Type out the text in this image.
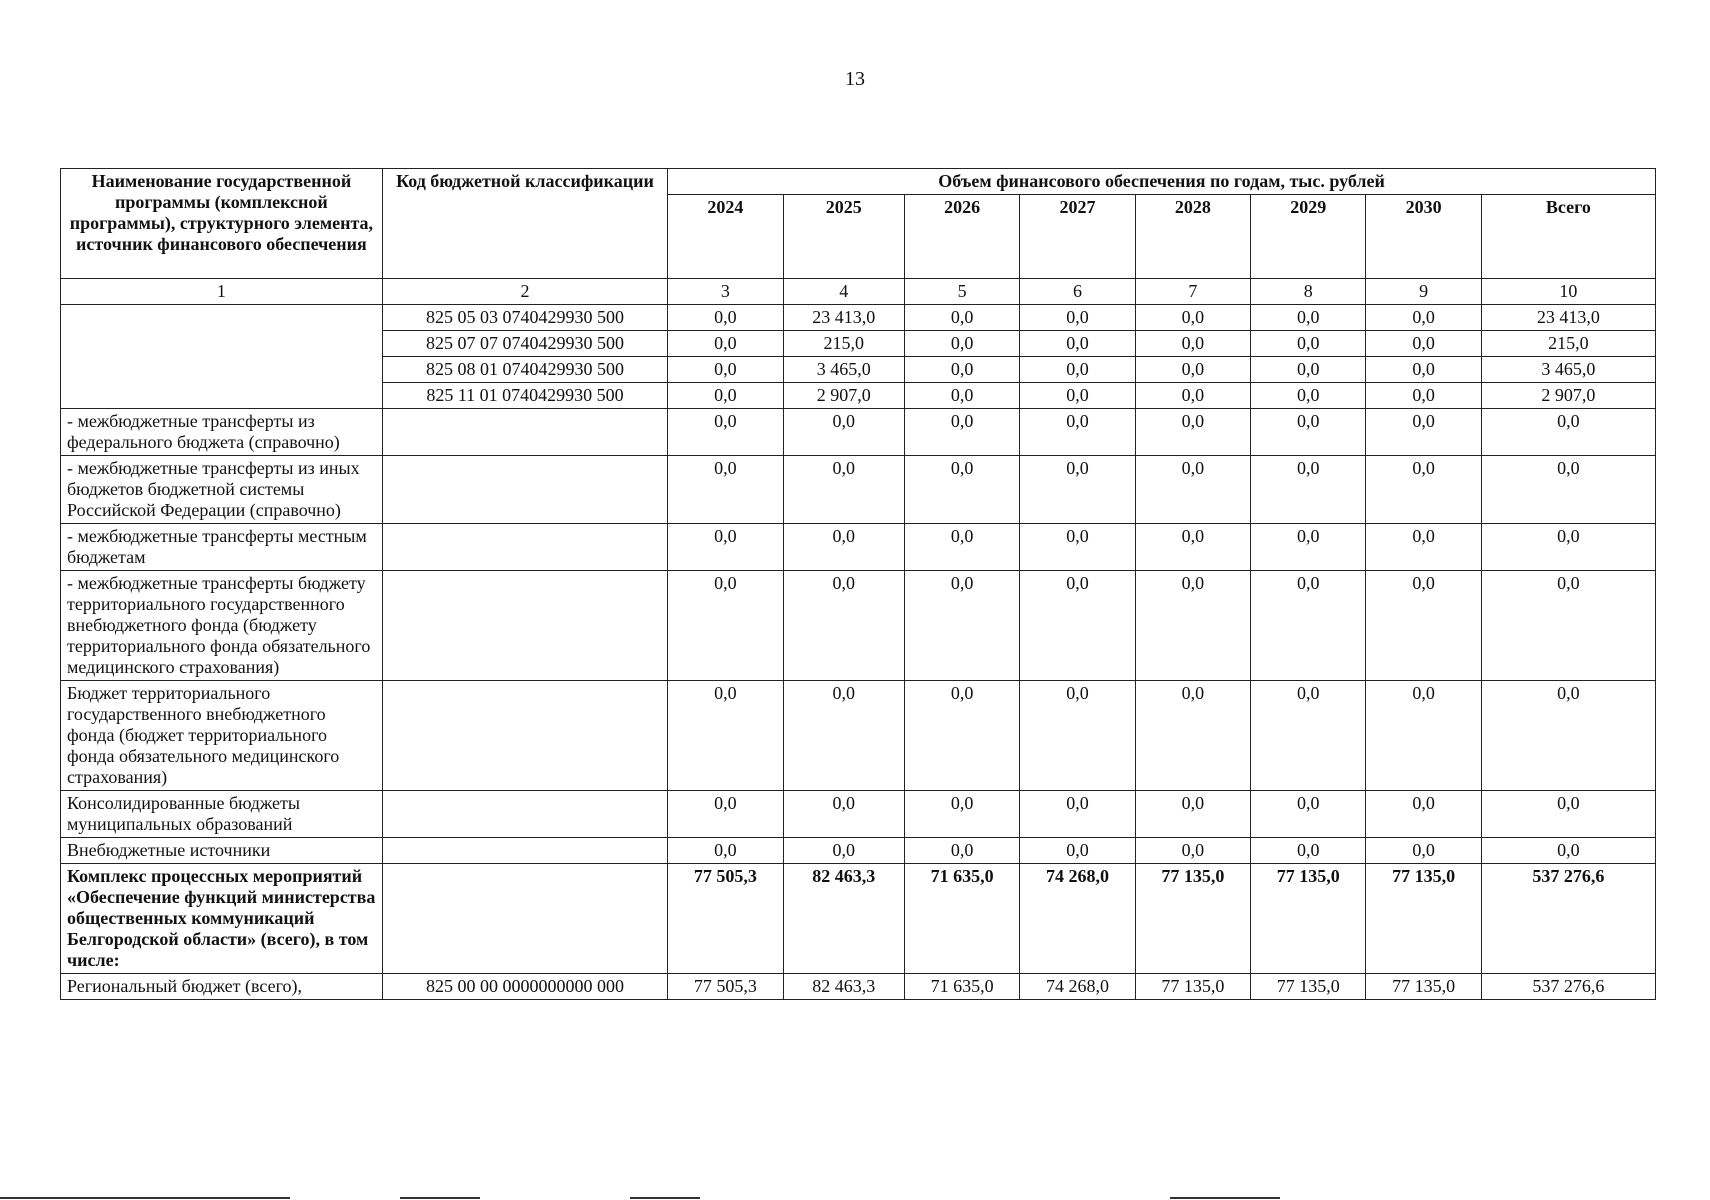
13
Наименование государственной программы (комплексной программы), структурного элемента, источник финансового обеспечения	Код бюджетной классификации	Объем финансового обеспечения по годам, тыс. рублей							
		2024	2025	2026	2027	2028	2029	2030	Всего
1	2	3	4	5	6	7	8	9	10
	825 05 03 0740429930 500	0,0	23 413,0	0,0	0,0	0,0	0,0	0,0	23 413,0
	825 07 07 0740429930 500	0,0	215,0	0,0	0,0	0,0	0,0	0,0	215,0
	825 08 01 0740429930 500	0,0	3 465,0	0,0	0,0	0,0	0,0	0,0	3 465,0
	825 11 01 0740429930 500	0,0	2 907,0	0,0	0,0	0,0	0,0	0,0	2 907,0
- межбюджетные трансферты из федерального бюджета (справочно)		0,0	0,0	0,0	0,0	0,0	0,0	0,0	0,0
- межбюджетные трансферты из иных бюджетов бюджетной системы Российской Федерации (справочно)		0,0	0,0	0,0	0,0	0,0	0,0	0,0	0,0
- межбюджетные трансферты местным бюджетам		0,0	0,0	0,0	0,0	0,0	0,0	0,0	0,0
- межбюджетные трансферты бюджету территориального государственного внебюджетного фонда (бюджету территориального фонда обязательного медицинского страхования)		0,0	0,0	0,0	0,0	0,0	0,0	0,0	0,0
Бюджет территориального государственного внебюджетного фонда (бюджет территориального фонда обязательного медицинского страхования)		0,0	0,0	0,0	0,0	0,0	0,0	0,0	0,0
Консолидированные бюджеты муниципальных образований		0,0	0,0	0,0	0,0	0,0	0,0	0,0	0,0
Внебюджетные источники		0,0	0,0	0,0	0,0	0,0	0,0	0,0	0,0
Комплекс процессных мероприятий «Обеспечение функций министерства общественных коммуникаций Белгородской области» (всего), в том числе:		77 505,3	82 463,3	71 635,0	74 268,0	77 135,0	77 135,0	77 135,0	537 276,6
Региональный бюджет (всего),	825 00 00 0000000000 000	77 505,3	82 463,3	71 635,0	74 268,0	77 135,0	77 135,0	77 135,0	537 276,6
